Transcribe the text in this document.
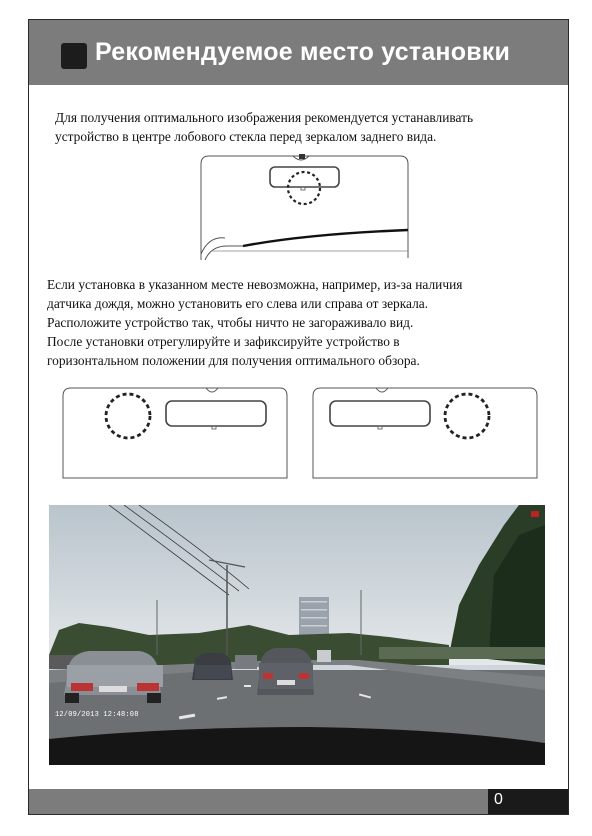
Рекомендуемое место установки

Для получения оптимального изображения рекомендуется устанавливать
устройство в центре лобового стекла перед зеркалом заднего вида.

Если установка в указанном месте невозможна, например, из-за наличия
датчика дождя, можно установить его слева или справа от зеркала.
Расположите устройство так, чтобы ничто не загораживало вид.
После установки отрегулируйте и зафиксируйте устройство в
горизонтальном положении для получения оптимального обзора.

12/09/2013 12:48:08
0
